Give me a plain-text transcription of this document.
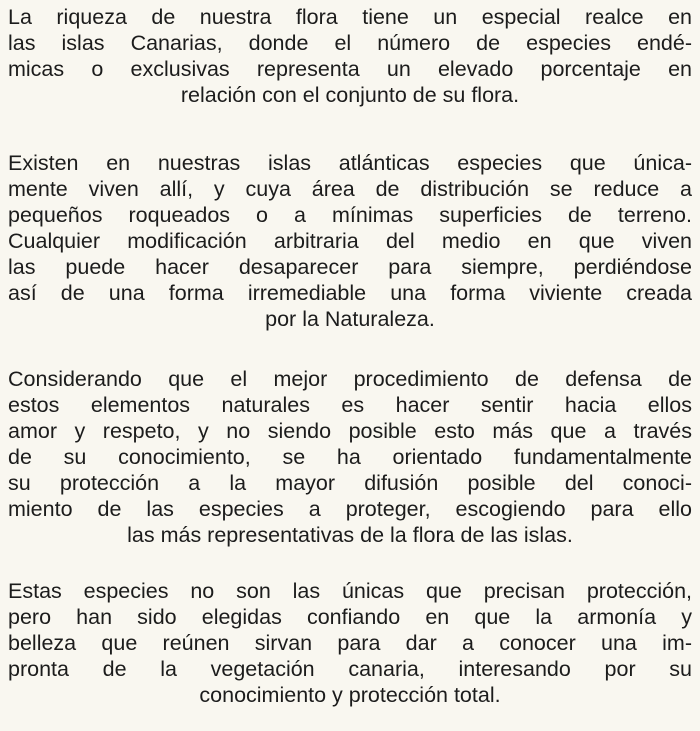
La riqueza de nuestra flora tiene un especial realce en
las islas Canarias, donde el número de especies endé-
micas o exclusivas representa un elevado porcentaje en
relación con el conjunto de su flora.

Existen en nuestras islas atlánticas especies que única-
mente viven allí, y cuya área de distribución se reduce a
pequeños roqueados o a mínimas superficies de terreno.
Cualquier modificación arbitraria del medio en que viven
las puede hacer desaparecer para siempre, perdiéndose
así de una forma irremediable una forma viviente creada
por la Naturaleza.

Considerando que el mejor procedimiento de defensa de
estos elementos naturales es hacer sentir hacia ellos
amor y respeto, y no siendo posible esto más que a través
de su conocimiento, se ha orientado fundamentalmente
su protección a la mayor difusión posible del conoci-
miento de las especies a proteger, escogiendo para ello
las más representativas de la flora de las islas.

Estas especies no son las únicas que precisan protección,
pero han sido elegidas confiando en que la armonía y
belleza que reúnen sirvan para dar a conocer una im-
pronta de la vegetación canaria, interesando por su
conocimiento y protección total.
